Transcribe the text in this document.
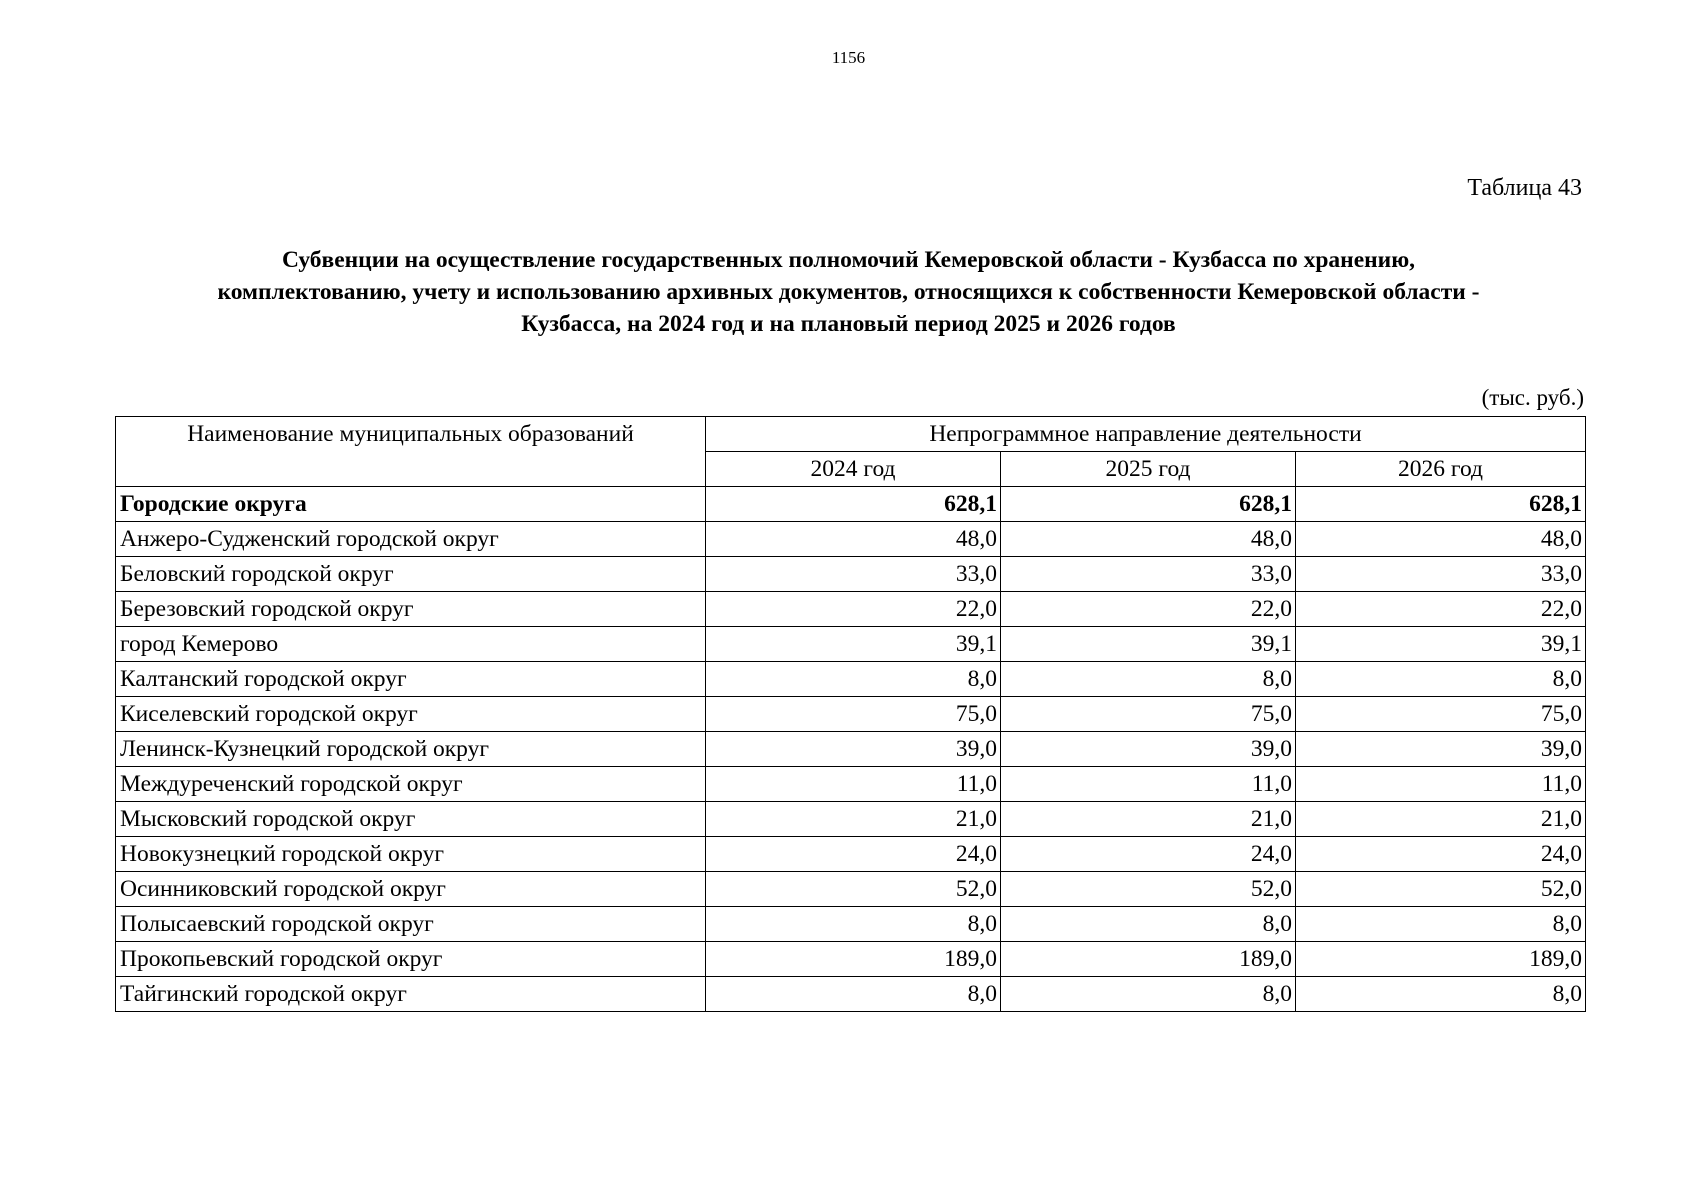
1156
Таблица 43
Субвенции на осуществление государственных полномочий Кемеровской области - Кузбасса по хранению,
комплектованию, учету и использованию архивных документов, относящихся к собственности Кемеровской области -
Кузбасса, на 2024 год и на плановый период 2025 и 2026 годов
(тыс. руб.)
Наименование муниципальных образований	Непрограммное направление деятельности		
	2024 год	2025 год	2026 год
Городские округа	628,1	628,1	628,1
Анжеро-Судженский городской округ	48,0	48,0	48,0
Беловский городской округ	33,0	33,0	33,0
Березовский городской округ	22,0	22,0	22,0
город Кемерово	39,1	39,1	39,1
Калтанский городской округ	8,0	8,0	8,0
Киселевский городской округ	75,0	75,0	75,0
Ленинск-Кузнецкий городской округ	39,0	39,0	39,0
Междуреченский городской округ	11,0	11,0	11,0
Мысковский городской округ	21,0	21,0	21,0
Новокузнецкий городской округ	24,0	24,0	24,0
Осинниковский городской округ	52,0	52,0	52,0
Полысаевский городской округ	8,0	8,0	8,0
Прокопьевский городской округ	189,0	189,0	189,0
Тайгинский городской округ	8,0	8,0	8,0
